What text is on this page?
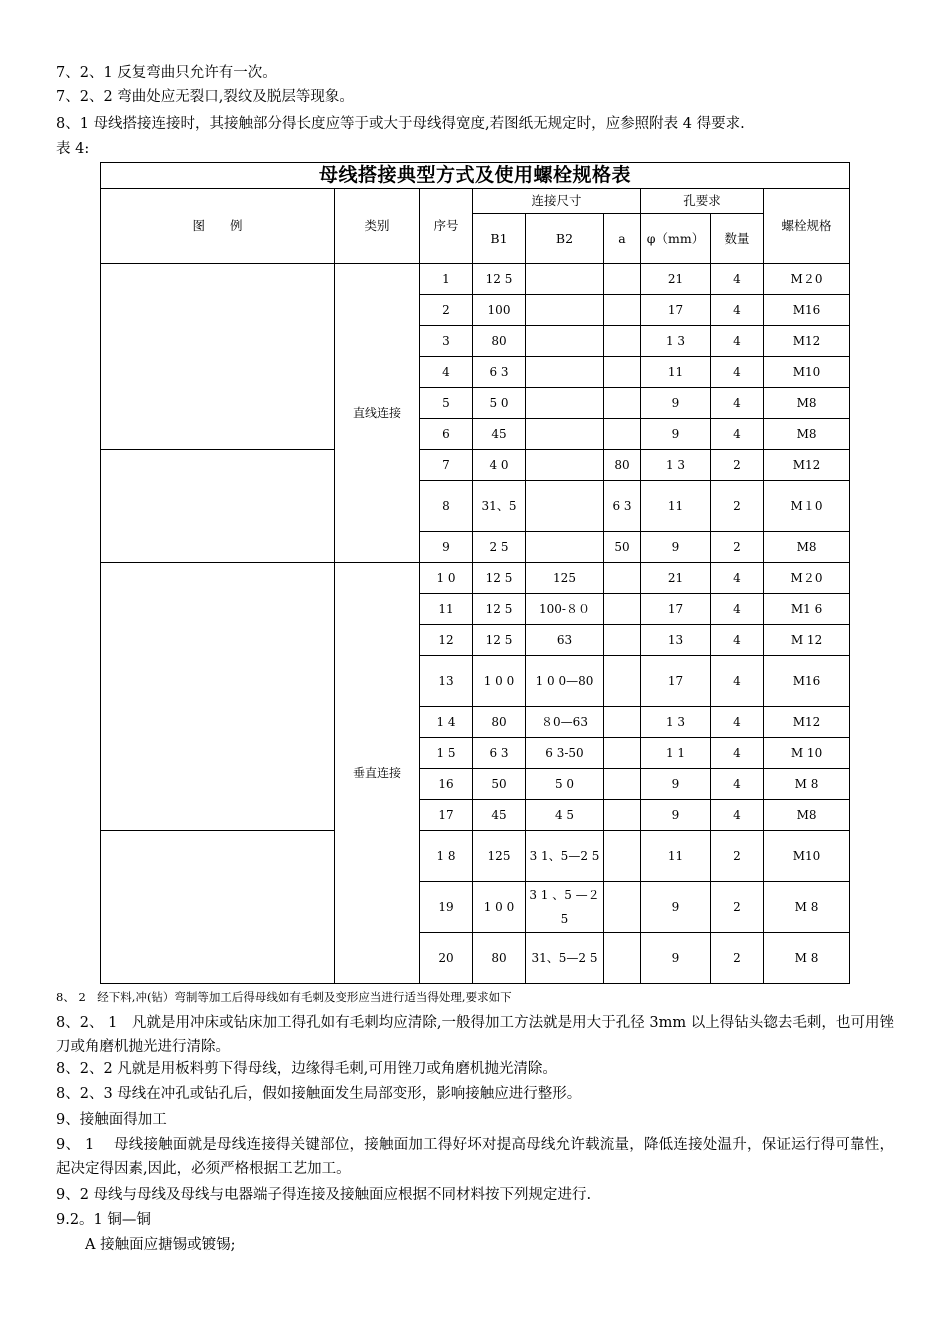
7、2、1 反复弯曲只允许有一次。
7、2、2 弯曲处应无裂口,裂纹及脱层等现象。
8、1 母线搭接连接时，其接触部分得长度应等于或大于母线得宽度,若图纸无规定时，应参照附表 4 得要求.
表 4:
母线搭接典型方式及使用螺栓规格表								
图　　例	类别	序号	连接尺寸			孔要求		螺栓规格
			B1	B2	a	φ（mm）	数量	
	直线连接	1	12 5			21	4	M２0
		2	100			17	4	M16
		3	80			1 3	4	M12
		4	6 3			11	4	M10
		5	5 0			9	4	M8
		6	45			9	4	M8
		7	4 0		80	1 3	2	M12
		8	31、5		6 3	11	2	M１0
		9	2 5		50	9	2	M8
	垂直连接	1 0	12 5	125		21	4	M２0
		11	12 5	100-８０		17	4	M1 6
		12	12 5	63		13	4	M 12
		13	1 0 0	1 0 0—80		17	4	M16
		1 4	80	８0—63		1 3	4	M12
		1 5	6 3	6 3-50		1 1	4	M 10
		16	50	5 0		9	4	M 8
		17	45	4 5		9	4	M8
		1 8	125	3 1、5—2 5		11	2	M10
		19	1 0 0	3 1 、5 —２5		9	2	M 8
		20	80	31、5—2 5		9	2	M 8
8、 2　经下料,冲(钻）弯制等加工后得母线如有毛刺及变形应当进行适当得处理,要求如下
8、2、 1　凡就是用冲床或钻床加工得孔如有毛刺均应清除,一般得加工方法就是用大于孔径 3mm 以上得钻头锪去毛刺，也可用锉刀或角磨机抛光进行清除。
8、2、2 凡就是用板料剪下得母线，边缘得毛刺,可用锉刀或角磨机抛光清除。
8、2、3 母线在冲孔或钻孔后，假如接触面发生局部变形，影响接触应进行整形。
9、接触面得加工
9、 1　 母线接触面就是母线连接得关键部位，接触面加工得好坏对提高母线允许载流量，降低连接处温升，保证运行得可靠性，起决定得因素,因此，必须严格根据工艺加工。
9、2 母线与母线及母线与电器端子得连接及接触面应根据不同材料按下列规定进行.
9.2。1 铜—铜
　　A 接触面应搪锡或镀锡;
